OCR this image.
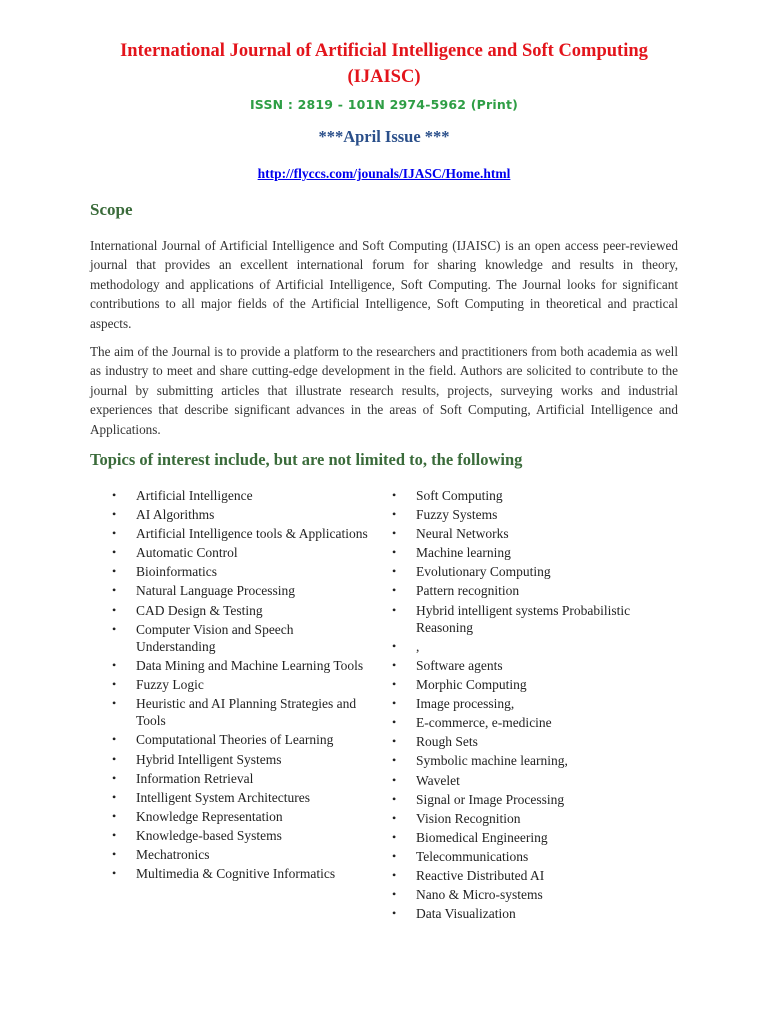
International Journal of Artificial Intelligence and Soft Computing (IJAISC)
ISSN : 2819 - 101N 2974-5962 (Print)
***April Issue ***
http://flyccs.com/jounals/IJASC/Home.html
Scope
International Journal of Artificial Intelligence and Soft Computing (IJAISC) is an open access peer-reviewed journal that provides an excellent international forum for sharing knowledge and results in theory, methodology and applications of Artificial Intelligence, Soft Computing. The Journal looks for significant contributions to all major fields of the Artificial Intelligence, Soft Computing in theoretical and practical aspects.
The aim of the Journal is to provide a platform to the researchers and practitioners from both academia as well as industry to meet and share cutting-edge development in the field. Authors are solicited to contribute to the journal by submitting articles that illustrate research results, projects, surveying works and industrial experiences that describe significant advances in the areas of Soft Computing, Artificial Intelligence and Applications.
Topics of interest include, but are not limited to, the following
• Artificial Intelligence
• AI Algorithms
• Artificial Intelligence tools & Applications
• Automatic Control
• Bioinformatics
• Natural Language Processing
• CAD Design & Testing
• Computer Vision and Speech Understanding
• Data Mining and Machine Learning Tools
• Fuzzy Logic
• Heuristic and AI Planning Strategies and Tools
• Computational Theories of Learning
• Hybrid Intelligent Systems
• Information Retrieval
• Intelligent System Architectures
• Knowledge Representation
• Knowledge-based Systems
• Mechatronics
• Multimedia & Cognitive Informatics
• Soft Computing
• Fuzzy Systems
• Neural Networks
• Machine learning
• Evolutionary Computing
• Pattern recognition
• Hybrid intelligent systems Probabilistic Reasoning
• ,
• Software agents
• Morphic Computing
• Image processing,
• E-commerce, e-medicine
• Rough Sets
• Symbolic machine learning,
• Wavelet
• Signal or Image Processing
• Vision Recognition
• Biomedical Engineering
• Telecommunications
• Reactive Distributed AI
• Nano & Micro-systems
• Data Visualization
